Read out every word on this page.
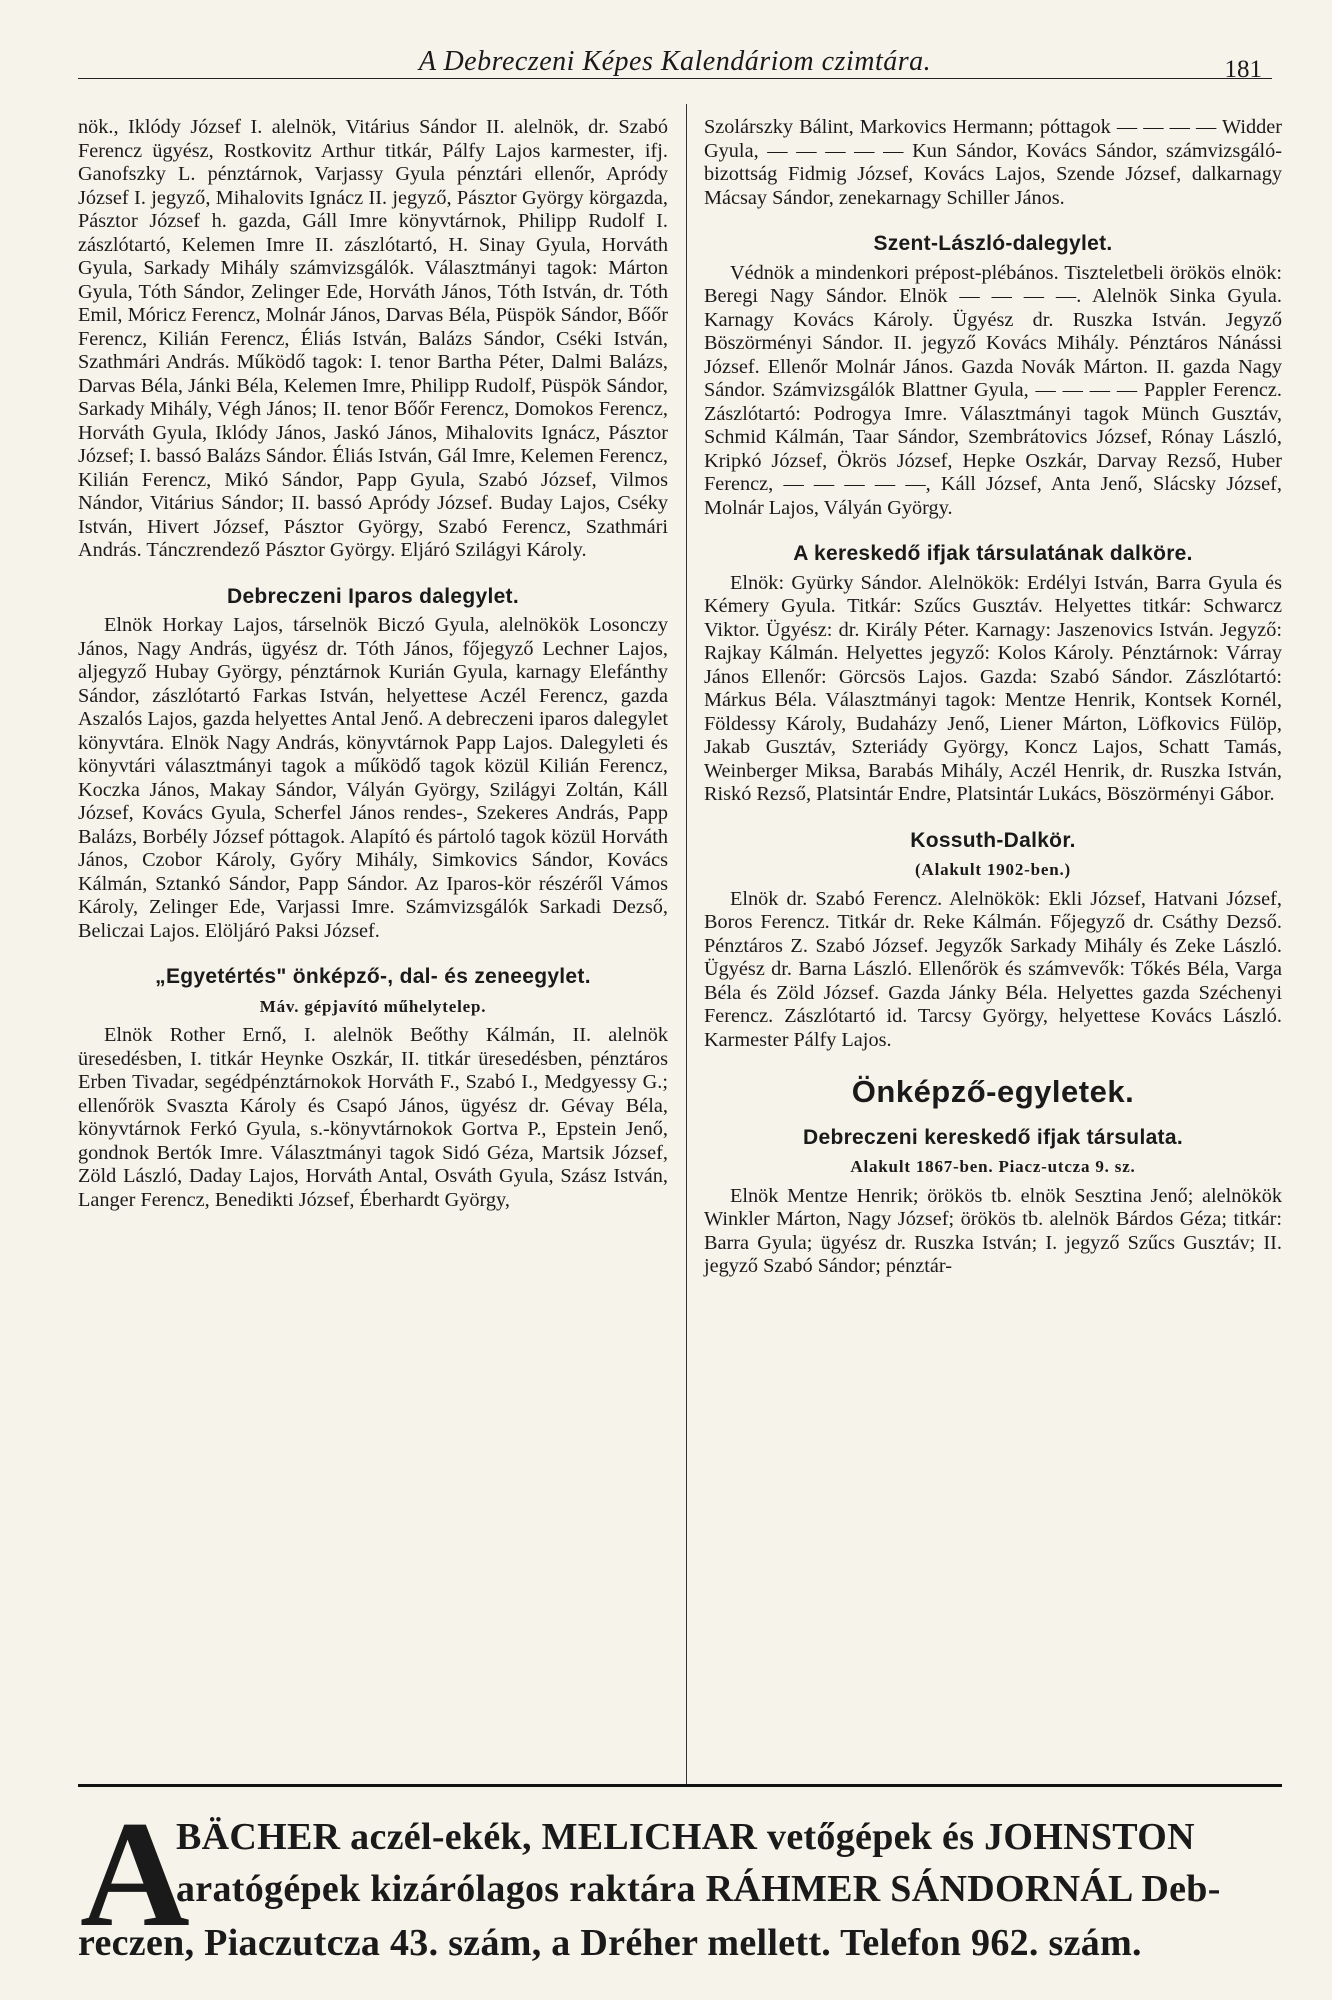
A Debreczeni Képes Kalendáriom czimtára.	181

nök., Iklódy József I. alelnök, Vitárius Sándor II. alelnök, dr. Szabó Ferencz ügyész, Rostkovitz Arthur titkár, Pálfy Lajos karmester, ifj. Ganofszky L. pénztárnok, Varjassy Gyula pénztári ellenőr, Apródy József I. jegyző, Mihalovits Ignácz II. jegyző, Pásztor György körgazda, Pásztor József h. gazda, Gáll Imre könyvtárnok, Philipp Rudolf I. zászlótartó, Kelemen Imre II. zászlótartó, H. Sinay Gyula, Horváth Gyula, Sarkady Mihály számvizsgálók. Választmányi tagok: Márton Gyula, Tóth Sándor, Zelinger Ede, Horváth János, Tóth István, dr. Tóth Emil, Móricz Ferencz, Molnár János, Darvas Béla, Püspök Sándor, Bőőr Ferencz, Kilián Ferencz, Éliás István, Balázs Sándor, Cséki István, Szathmári András. Működő tagok: I. tenor Bartha Péter, Dalmi Balázs, Darvas Béla, Jánki Béla, Kelemen Imre, Philipp Rudolf, Püspök Sándor, Sarkady Mihály, Végh János; II. tenor Bőőr Ferencz, Domokos Ferencz, Horváth Gyula, Iklódy János, Jaskó János, Mihalovits Ignácz, Pásztor József; I. bassó Balázs Sándor. Éliás István, Gál Imre, Kelemen Ferencz, Kilián Ferencz, Mikó Sándor, Papp Gyula, Szabó József, Vilmos Nándor, Vitárius Sándor; II. bassó Apródy József. Buday Lajos, Cséky István, Hivert József, Pásztor György, Szabó Ferencz, Szathmári András. Tánczrendező Pásztor György. Eljáró Szilágyi Károly.

Debreczeni Iparos dalegylet.

Elnök Horkay Lajos, társelnök Biczó Gyula, alelnökök Losonczy János, Nagy András, ügyész dr. Tóth János, főjegyző Lechner Lajos, aljegyző Hubay György, pénztárnok Kurián Gyula, karnagy Elefánthy Sándor, zászlótartó Farkas István, helyettese Aczél Ferencz, gazda Aszalós Lajos, gazda helyettes Antal Jenő. A debreczeni iparos dalegylet könyvtára. Elnök Nagy András, könyvtárnok Papp Lajos. Dalegyleti és könyvtári választmányi tagok a működő tagok közül Kilián Ferencz, Koczka János, Makay Sándor, Vályán György, Szilágyi Zoltán, Káll József, Kovács Gyula, Scherfel János rendes-, Szekeres András, Papp Balázs, Borbély József póttagok. Alapító és pártoló tagok közül Horváth János, Czobor Károly, Győry Mihály, Simkovics Sándor, Kovács Kálmán, Sztankó Sándor, Papp Sándor. Az Iparos-kör részéről Vámos Károly, Zelinger Ede, Varjassi Imre. Számvizsgálók Sarkadi Dezső, Beliczai Lajos. Elöljáró Paksi József.

„Egyetértés" önképző-, dal- és zeneegylet.
Máv. gépjavító műhelytelep.

Elnök Rother Ernő, I. alelnök Beőthy Kálmán, II. alelnök üresedésben, I. titkár Heynke Oszkár, II. titkár üresedésben, pénztáros Erben Tivadar, segédpénztárnokok Horváth F., Szabó I., Medgyessy G.; ellenőrök Svaszta Károly és Csapó János, ügyész dr. Gévay Béla, könyvtárnok Ferkó Gyula, s.-könyvtárnokok Gortva P., Epstein Jenő, gondnok Bertók Imre. Választmányi tagok Sidó Géza, Martsik József, Zöld László, Daday Lajos, Horváth Antal, Osváth Gyula, Szász István, Langer Ferencz, Benedikti József, Éberhardt György,

Szolárszky Bálint, Markovics Hermann; póttagok — — — — Widder Gyula, — — — — — Kun Sándor, Kovács Sándor, számvizsgáló-bizottság Fidmig József, Kovács Lajos, Szende József, dalkarnagy Mácsay Sándor, zenekarnagy Schiller János.

Szent-László-dalegylet.

Védnök a mindenkori prépost-plébános. Tiszteletbeli örökös elnök: Beregi Nagy Sándor. Elnök — — — —. Alelnök Sinka Gyula. Karnagy Kovács Károly. Ügyész dr. Ruszka István. Jegyző Böszörményi Sándor. II. jegyző Kovács Mihály. Pénztáros Nánássi József. Ellenőr Molnár János. Gazda Novák Márton. II. gazda Nagy Sándor. Számvizsgálók Blattner Gyula, — — — — Pappler Ferencz. Zászlótartó: Podrogya Imre. Választmányi tagok Münch Gusztáv, Schmid Kálmán, Taar Sándor, Szembrátovics József, Rónay László, Kripkó József, Ökrös József, Hepke Oszkár, Darvay Rezső, Huber Ferencz, — — — — —, Káll József, Anta Jenő, Slácsky József, Molnár Lajos, Vályán György.

A kereskedő ifjak társulatának dalköre.

Elnök: Gyürky Sándor. Alelnökök: Erdélyi István, Barra Gyula és Kémery Gyula. Titkár: Szűcs Gusztáv. Helyettes titkár: Schwarcz Viktor. Ügyész: dr. Király Péter. Karnagy: Jaszenovics István. Jegyző: Rajkay Kálmán. Helyettes jegyző: Kolos Károly. Pénztárnok: Várray János Ellenőr: Görcsös Lajos. Gazda: Szabó Sándor. Zászlótartó: Márkus Béla. Választmányi tagok: Mentze Henrik, Kontsek Kornél, Földessy Károly, Budaházy Jenő, Liener Márton, Löfkovics Fülöp, Jakab Gusztáv, Szteriády György, Koncz Lajos, Schatt Tamás, Weinberger Miksa, Barabás Mihály, Aczél Henrik, dr. Ruszka István, Riskó Rezső, Platsintár Endre, Platsintár Lukács, Böszörményi Gábor.

Kossuth-Dalkör.
(Alakult 1902-ben.)

Elnök dr. Szabó Ferencz. Alelnökök: Ekli József, Hatvani József, Boros Ferencz. Titkár dr. Reke Kálmán. Főjegyző dr. Csáthy Dezső. Pénztáros Z. Szabó József. Jegyzők Sarkady Mihály és Zeke László. Ügyész dr. Barna László. Ellenőrök és számvevők: Tőkés Béla, Varga Béla és Zöld József. Gazda Jánky Béla. Helyettes gazda Széchenyi Ferencz. Zászlótartó id. Tarcsy György, helyettese Kovács László. Karmester Pálfy Lajos.

Önképző-egyletek.
Debreczeni kereskedő ifjak társulata.
Alakult 1867-ben. Piacz-utcza 9. sz.

Elnök Mentze Henrik; örökös tb. elnök Sesztina Jenő; alelnökök Winkler Márton, Nagy József; örökös tb. alelnök Bárdos Géza; titkár: Barra Gyula; ügyész dr. Ruszka István; I. jegyző Szűcs Gusztáv; II. jegyző Szabó Sándor; pénztár-

A
BÄCHER aczél-ekék, MELICHAR vetőgépek és JOHNSTON
aratógépek kizárólagos raktára RÁHMER SÁNDORNÁL Deb-
reczen, Piaczutcza 43. szám, a Dréher mellett. Telefon 962. szám.
